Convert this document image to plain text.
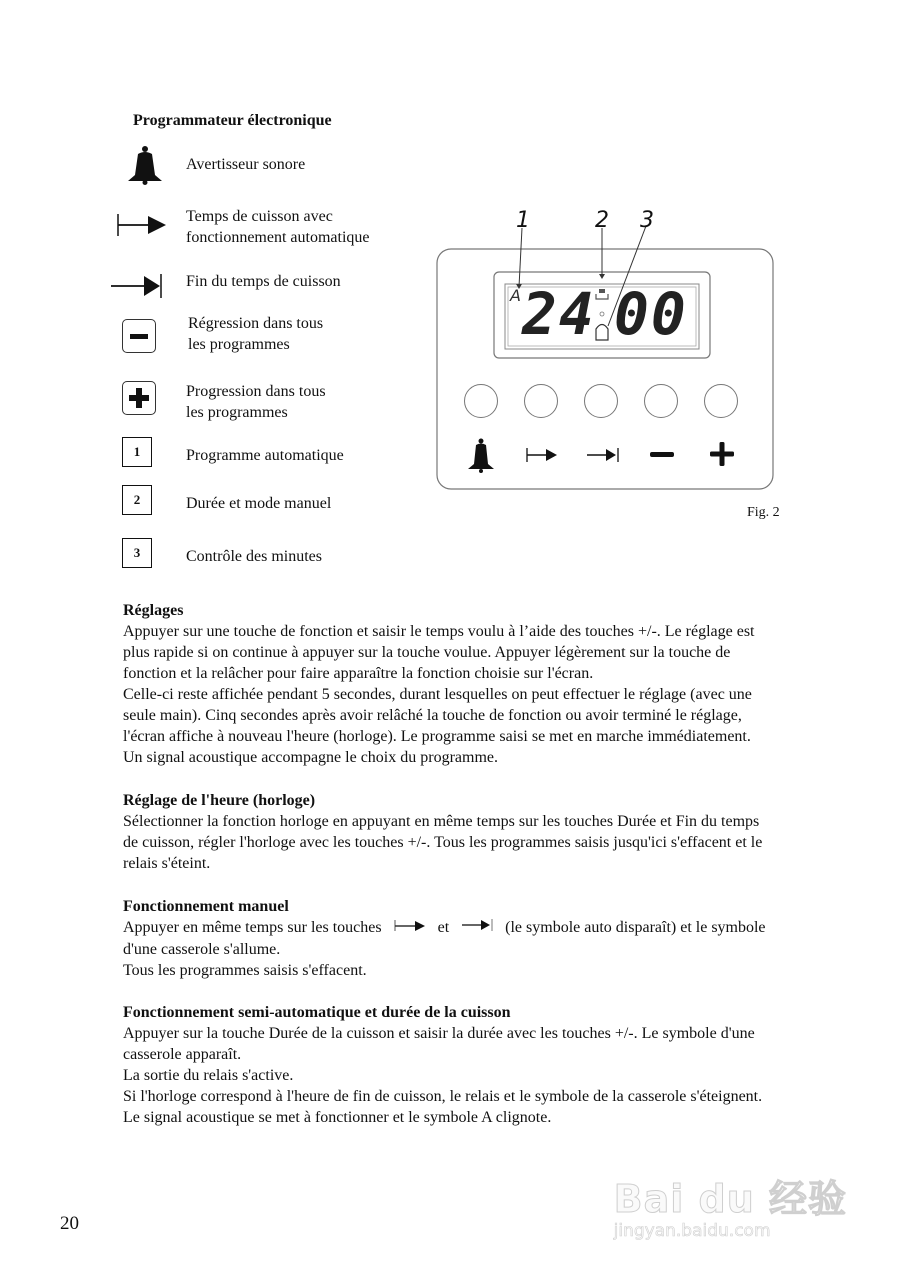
Programmateur électronique
Avertisseur sonore
Temps de cuisson avec
fonctionnement automatique
Fin du temps de cuisson
Régression dans tous
les programmes
Progression dans tous
les programmes
1	Programme automatique
2	Durée et mode manuel
3	Contrôle des minutes
1	2 3
A 24 00
Fig. 2
Réglages

Appuyer sur une touche de fonction et saisir le temps voulu à l’aide des touches +/-. Le réglage est

plus rapide si on continue à appuyer sur la touche voulue. Appuyer légèrement sur la touche de

fonction et la relâcher pour faire apparaître la fonction choisie sur l'écran.

Celle-ci reste affichée pendant 5 secondes, durant lesquelles on peut effectuer le réglage (avec une

seule main). Cinq secondes après avoir relâché la touche de fonction ou avoir terminé le réglage,

l'écran affiche à nouveau l'heure (horloge). Le programme saisi se met en marche immédiatement.

Un signal acoustique accompagne le choix du programme.

Réglage de l'heure (horloge)

Sélectionner la fonction horloge en appuyant en même temps sur les touches Durée et Fin du temps

de cuisson, régler l'horloge avec les touches +/-. Tous les programmes saisis jusqu'ici s'effacent et le

relais s'éteint.

Fonctionnement manuel

Appuyer en même temps sur les touches	et	(le symbole auto disparaît) et le symbole

d'une casserole s'allume.

Tous les programmes saisis s'effacent.

Fonctionnement semi-automatique et durée de la cuisson

Appuyer sur la touche Durée de la cuisson et saisir la durée avec les touches +/-. Le symbole d'une

casserole apparaît.

La sortie du relais s'active.

Si l'horloge correspond à l'heure de fin de cuisson, le relais et le symbole de la casserole s'éteignent.

Le signal acoustique se met à fonctionner et le symbole A clignote.

20
Bai du 经验
jingyan.baidu.com
